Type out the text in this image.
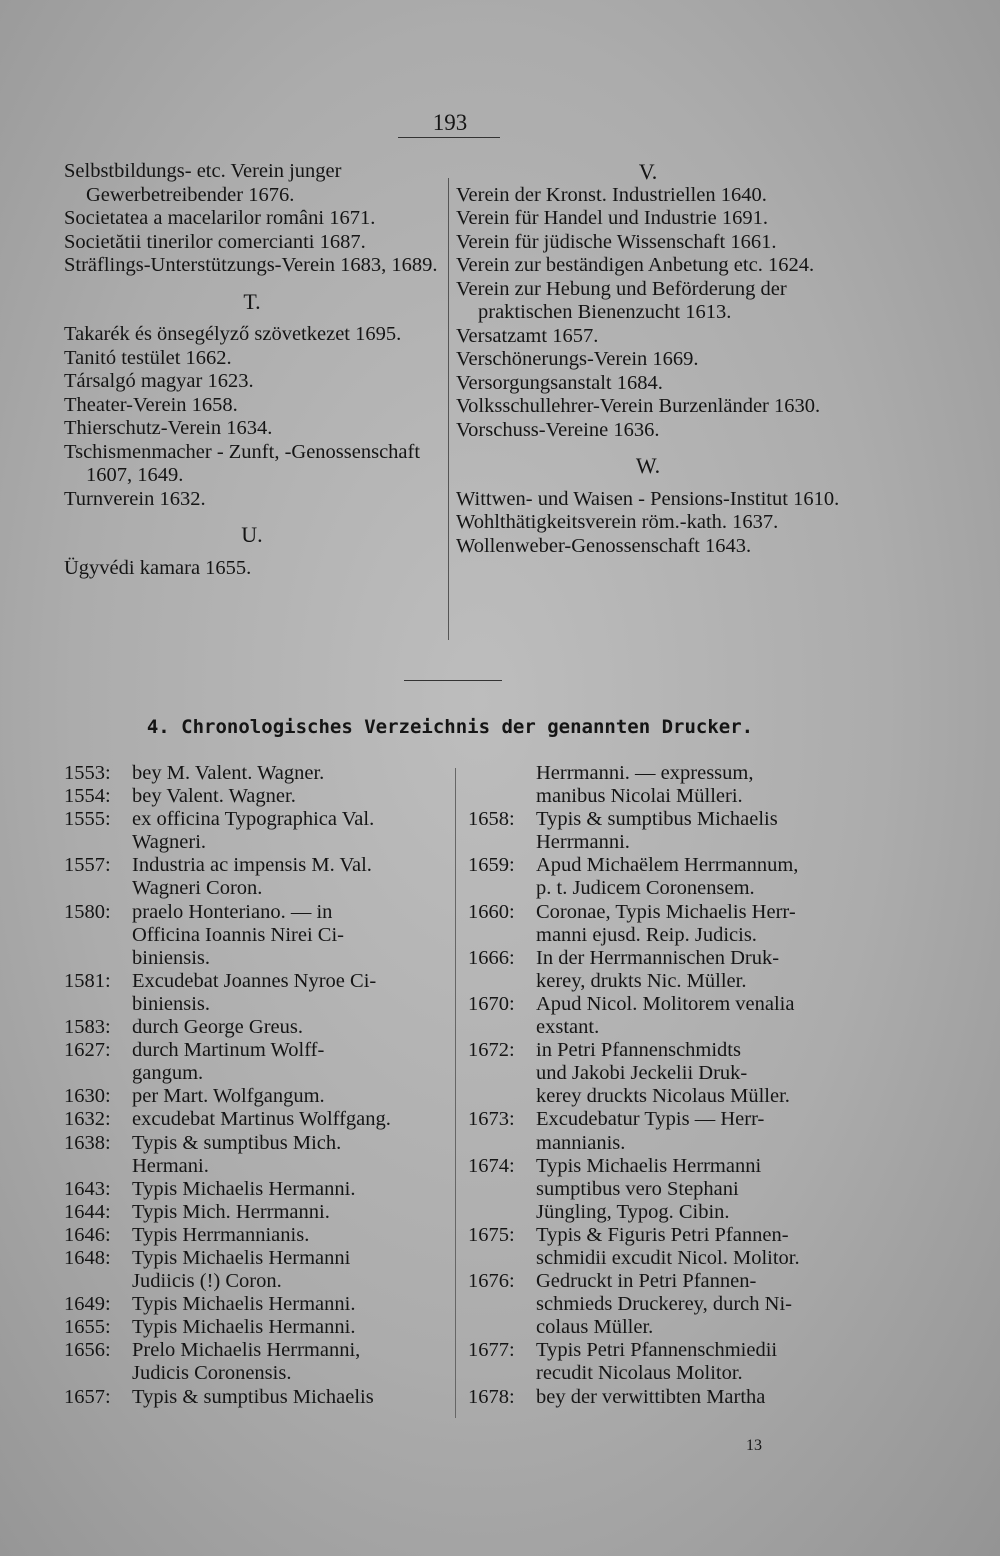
193
Selbstbildungs- etc. Verein junger Gewerbetreibender 1676.
Societatea a macelarilor români 1671.
Societătii tinerilor comercianti 1687.
Sträflings-Unterstützungs-Verein 1683, 1689.
T.
Takarék és önsegélyző szövetkezet 1695.
Tanitó testület 1662.
Társalgó magyar 1623.
Theater-Verein 1658.
Thierschutz-Verein 1634.
Tschismenmacher - Zunft, -Genossenschaft 1607, 1649.
Turnverein 1632.
U.
Ügyvédi kamara 1655.
V.
Verein der Kronst. Industriellen 1640.
Verein für Handel und Industrie 1691.
Verein für jüdische Wissenschaft 1661.
Verein zur beständigen Anbetung etc. 1624.
Verein zur Hebung und Beförderung der praktischen Bienenzucht 1613.
Versatzamt 1657.
Verschönerungs-Verein 1669.
Versorgungsanstalt 1684.
Volksschullehrer-Verein Burzenländer 1630.
Vorschuss-Vereine 1636.
W.
Wittwen- und Waisen - Pensions-Institut 1610.
Wohlthätigkeitsverein röm.-kath. 1637.
Wollenweber-Genossenschaft 1643.
4. Chronologisches Verzeichnis der genannten Drucker.
1553:	bey M. Valent. Wagner.
1554:	bey Valent. Wagner.
1555:	ex officina Typographica Val.
Wagneri.
1557:	Industria ac impensis M. Val.
Wagneri Coron.
1580:	praelo Honteriano. — in
Officina Ioannis Nirei Ci-
biniensis.
1581:	Excudebat Joannes Nyroe Ci-
biniensis.
1583:	durch George Greus.
1627:	durch Martinum Wolff-
gangum.
1630:	per Mart. Wolfgangum.
1632:	excudebat Martinus Wolffgang.
1638:	Typis & sumptibus Mich.
Hermani.
1643:	Typis Michaelis Hermanni.
1644:	Typis Mich. Herrmanni.
1646:	Typis Herrmannianis.
1648:	Typis Michaelis Hermanni
Judiicis (!) Coron.
1649:	Typis Michaelis Hermanni.
1655:	Typis Michaelis Hermanni.
1656:	Prelo Michaelis Herrmanni,
Judicis Coronensis.
1657:	Typis & sumptibus Michaelis
Herrmanni. — expressum,
manibus Nicolai Mülleri.
1658:	Typis & sumptibus Michaelis
Herrmanni.
1659:	Apud Michaëlem Herrmannum,
p. t. Judicem Coronensem.
1660:	Coronae, Typis Michaelis Herr-
manni ejusd. Reip. Judicis.
1666:	In der Herrmannischen Druk-
kerey, drukts Nic. Müller.
1670:	Apud Nicol. Molitorem venalia
exstant.
1672:	in Petri Pfannenschmidts
und Jakobi Jeckelii Druk-
kerey druckts Nicolaus Müller.
1673:	Excudebatur Typis — Herr-
mannianis.
1674:	Typis Michaelis Herrmanni
sumptibus vero Stephani
Jüngling, Typog. Cibin.
1675:	Typis & Figuris Petri Pfannen-
schmidii excudit Nicol. Molitor.
1676:	Gedruckt in Petri Pfannen-
schmieds Druckerey, durch Ni-
colaus Müller.
1677:	Typis Petri Pfannenschmiedii
recudit Nicolaus Molitor.
1678:	bey der verwittibten Martha
13
